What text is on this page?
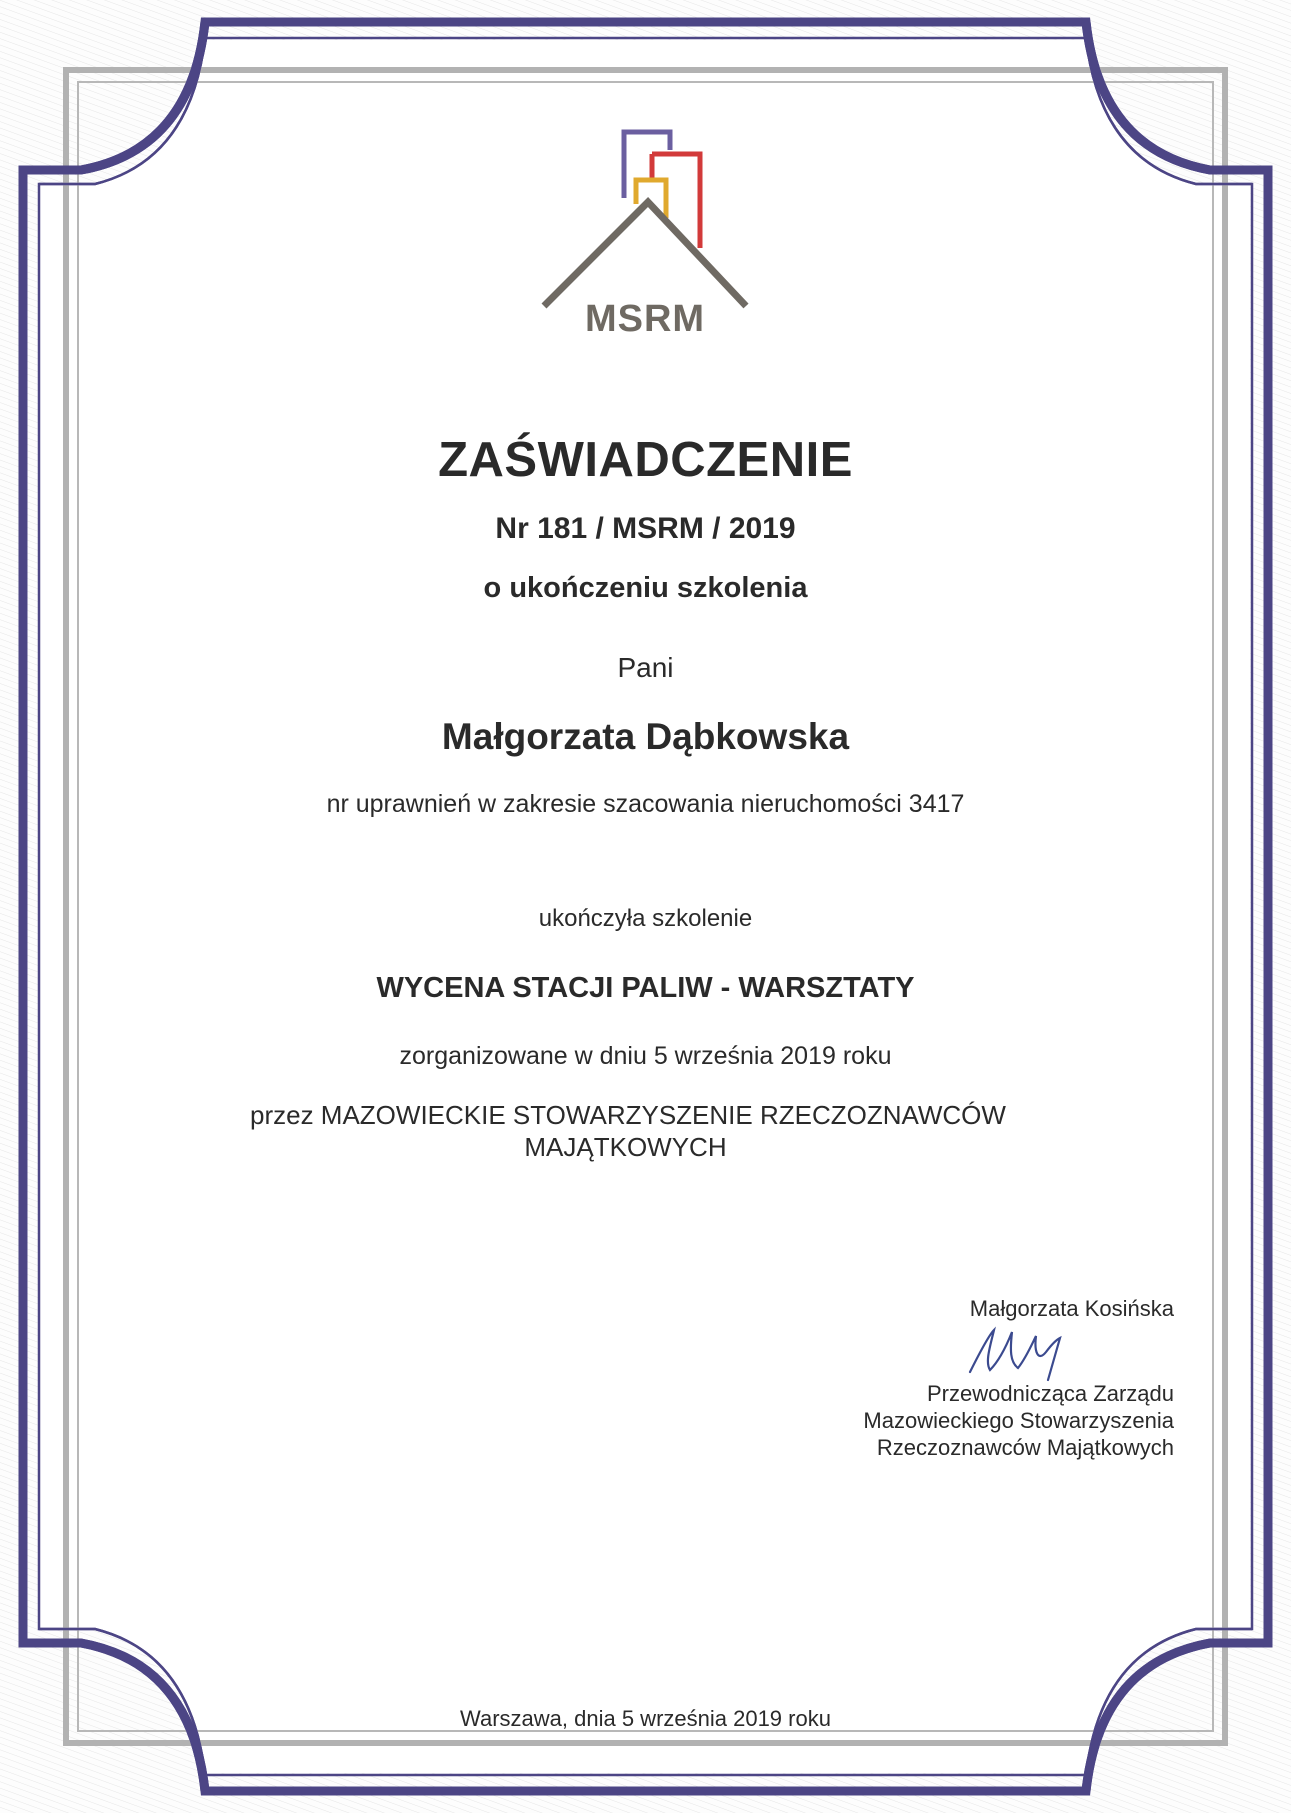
MSRM
ZAŚWIADCZENIE
Nr 181 / MSRM / 2019
o ukończeniu szkolenia
Pani
Małgorzata Dąbkowska
nr uprawnień w zakresie szacowania nieruchomości 3417
ukończyła szkolenie
WYCENA STACJI PALIW - WARSZTATY
zorganizowane w dniu 5 września 2019 roku
przez MAZOWIECKIE STOWARZYSZENIE RZECZOZNAWCÓW
MAJĄTKOWYCH
Małgorzata Kosińska
Przewodnicząca Zarządu
Mazowieckiego Stowarzyszenia
Rzeczoznawców Majątkowych
Warszawa, dnia 5 września 2019 roku
